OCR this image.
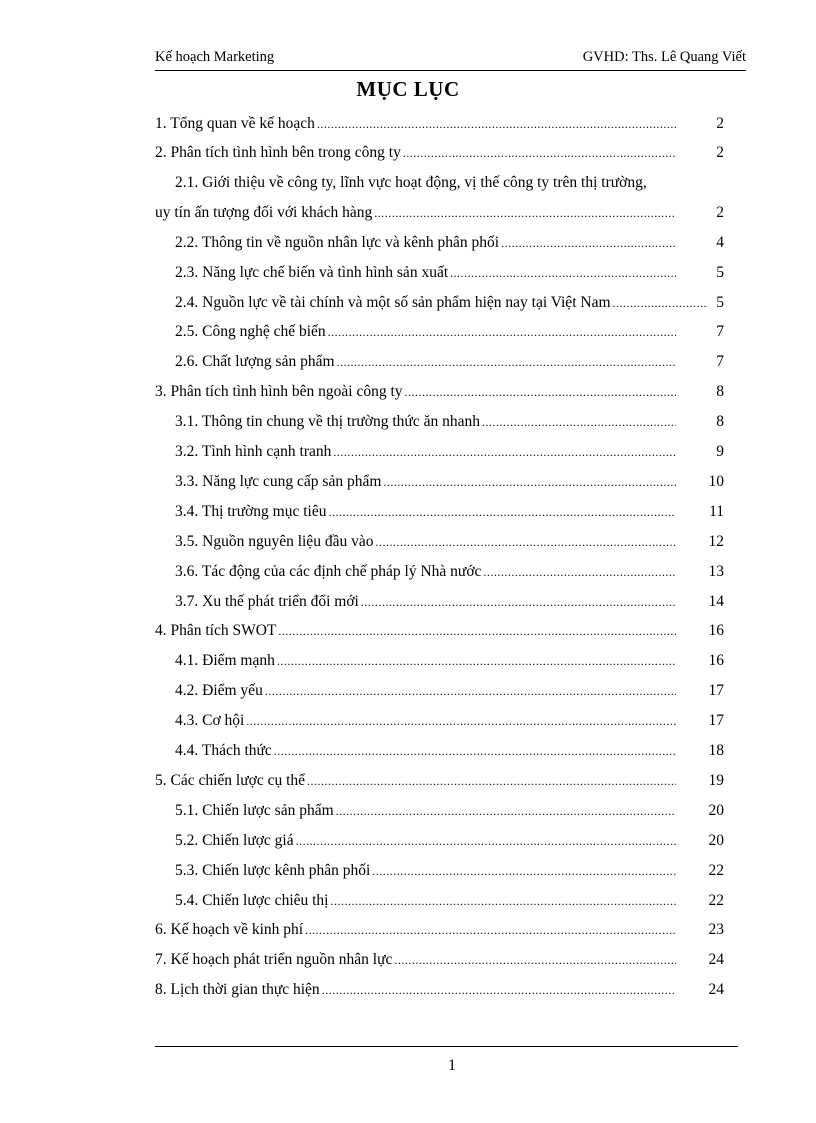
Kế hoạch Marketing	GVHD: Ths. Lê Quang Viết
MỤC LỤC
1. Tổng quan về kế hoạch .....	2
2. Phân tích tình hình bên trong công ty .....	2
2.1. Giới thiệu về công ty, lĩnh vực hoạt động, vị thế công ty trên thị trường,
uy tín ấn tượng đối với khách hàng .....	2
2.2. Thông tin về nguồn nhân lực và kênh phân phối .....	4
2.3. Năng lực chế biến và tình hình sản xuất .....	5
2.4. Nguồn lực về tài chính và một số sản phẩm hiện nay tại Việt Nam .....	5
2.5. Công nghệ chế biến .....	7
2.6. Chất lượng sản phẩm .....	7
3. Phân tích tình hình bên ngoài công ty .....	8
3.1. Thông tin chung về thị trường thức ăn nhanh .....	8
3.2. Tình hình cạnh tranh .....	9
3.3. Năng lực cung cấp sản phẩm .....	10
3.4. Thị trường mục tiêu .....	11
3.5. Nguồn nguyên liệu đầu vào .....	12
3.6. Tác động của các định chế pháp lý Nhà nước .....	13
3.7. Xu thế phát triển đổi mới .....	14
4. Phân tích SWOT .....	16
4.1. Điểm mạnh .....	16
4.2. Điểm yếu .....	17
4.3. Cơ hội .....	17
4.4. Thách thức .....	18
5. Các chiến lược cụ thể .....	19
5.1. Chiến lược sản phẩm .....	20
5.2. Chiến lược giá .....	20
5.3. Chiến lược kênh phân phối .....	22
5.4. Chiến lược chiêu thị .....	22
6. Kế hoạch về kinh phí .....	23
7. Kế hoạch phát triển nguồn nhân lực .....	24
8. Lịch thời gian thực hiện .....	24
1
